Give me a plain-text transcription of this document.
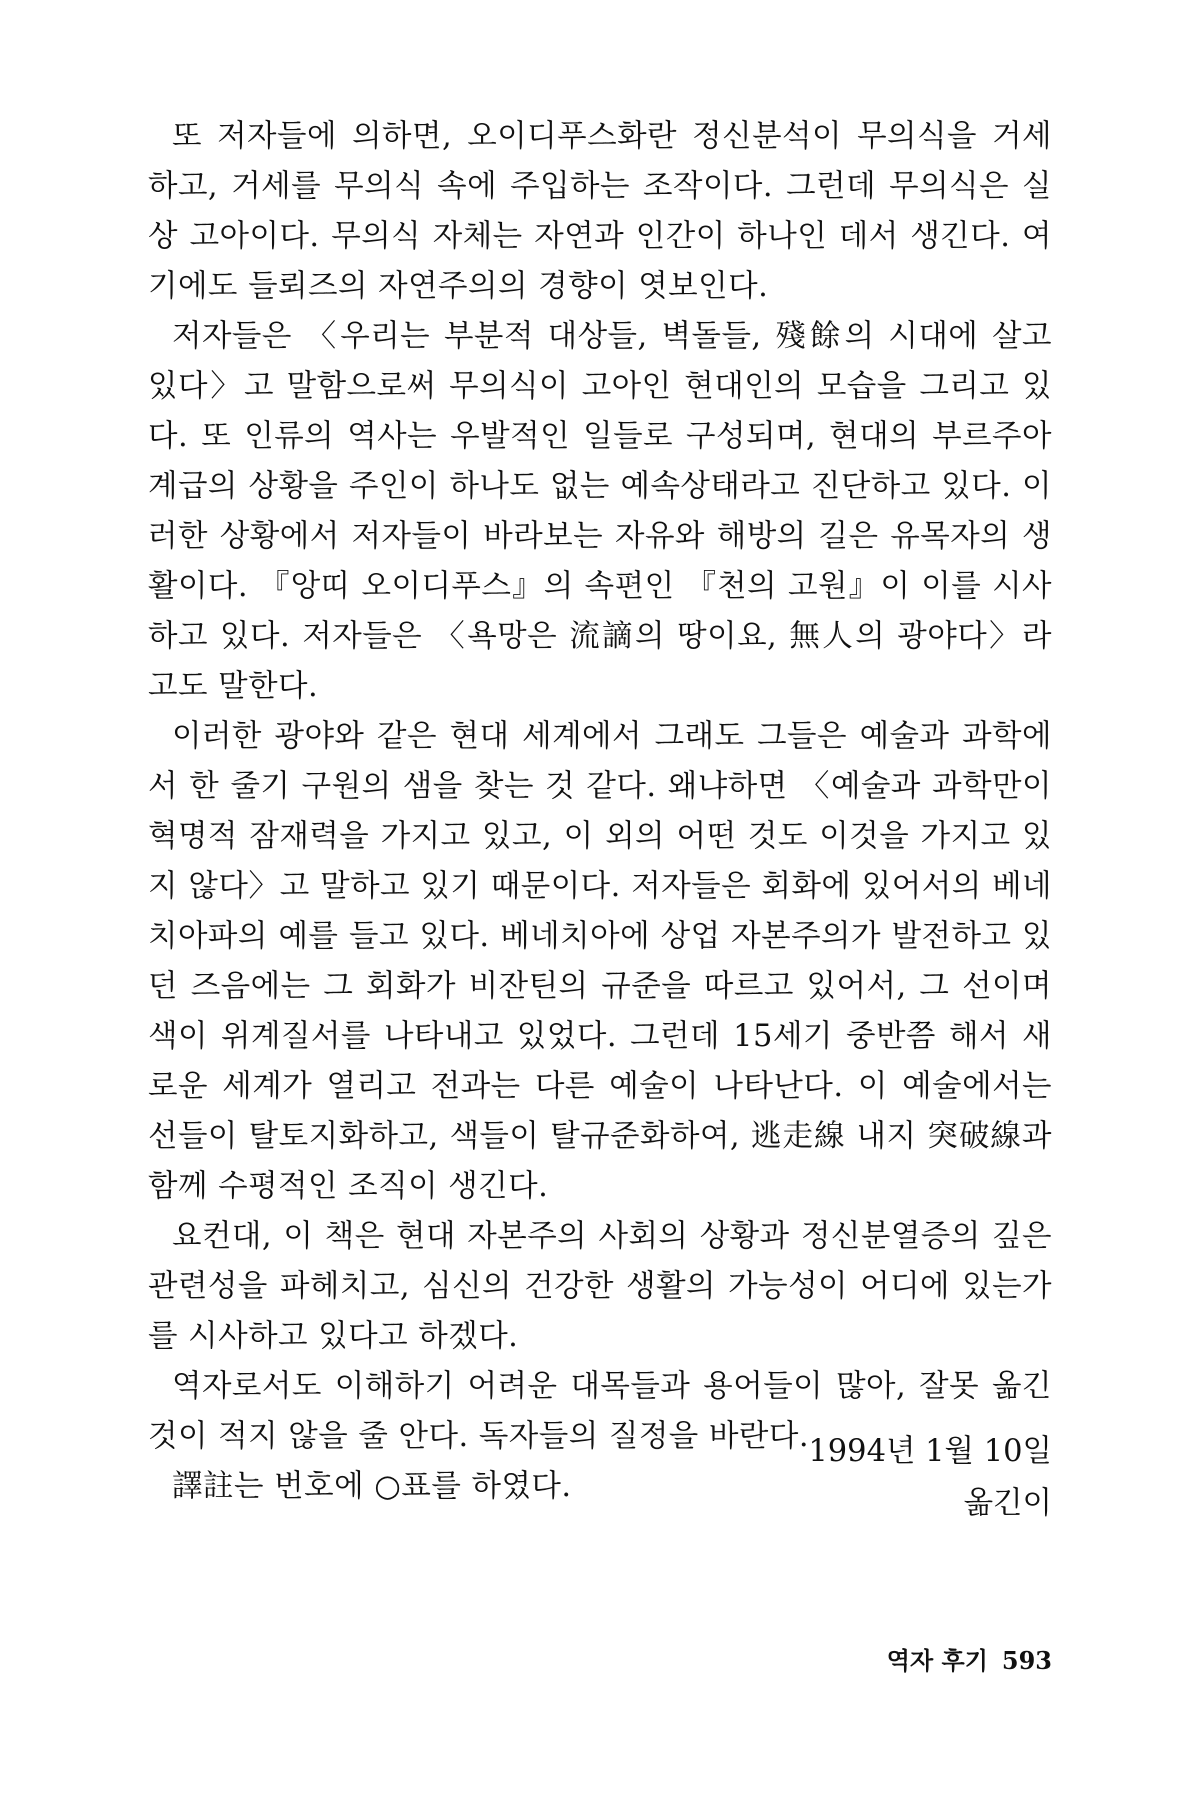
또 저자들에 의하면, 오이디푸스화란 정신분석이 무의식을 거세하고, 거세를 무의식 속에 주입하는 조작이다. 그런데 무의식은 실상 고아이다. 무의식 자체는 자연과 인간이 하나인 데서 생긴다. 여기에도 들뢰즈의 자연주의의 경향이 엿보인다.

저자들은 〈우리는 부분적 대상들, 벽돌들, 殘餘의 시대에 살고 있다〉고 말함으로써 무의식이 고아인 현대인의 모습을 그리고 있다. 또 인류의 역사는 우발적인 일들로 구성되며, 현대의 부르주아 계급의 상황을 주인이 하나도 없는 예속상태라고 진단하고 있다. 이러한 상황에서 저자들이 바라보는 자유와 해방의 길은 유목자의 생활이다. 『앙띠 오이디푸스』의 속편인 『천의 고원』이 이를 시사하고 있다. 저자들은 〈욕망은 流謫의 땅이요, 無人의 광야다〉라고도 말한다.

이러한 광야와 같은 현대 세계에서 그래도 그들은 예술과 과학에서 한 줄기 구원의 샘을 찾는 것 같다. 왜냐하면 〈예술과 과학만이 혁명적 잠재력을 가지고 있고, 이 외의 어떤 것도 이것을 가지고 있지 않다〉고 말하고 있기 때문이다. 저자들은 회화에 있어서의 베네치아파의 예를 들고 있다. 베네치아에 상업 자본주의가 발전하고 있던 즈음에는 그 회화가 비잔틴의 규준을 따르고 있어서, 그 선이며 색이 위계질서를 나타내고 있었다. 그런데 15세기 중반쯤 해서 새로운 세계가 열리고 전과는 다른 예술이 나타난다. 이 예술에서는 선들이 탈토지화하고, 색들이 탈규준화하여, 逃走線 내지 突破線과 함께 수평적인 조직이 생긴다.

요컨대, 이 책은 현대 자본주의 사회의 상황과 정신분열증의 깊은 관련성을 파헤치고, 심신의 건강한 생활의 가능성이 어디에 있는가를 시사하고 있다고 하겠다.

역자로서도 이해하기 어려운 대목들과 용어들이 많아, 잘못 옮긴 것이 적지 않을 줄 안다. 독자들의 질정을 바란다.

譯註는 번호에 ○표를 하였다.

1994년 1월 10일
옮긴이
역자 후기 593
